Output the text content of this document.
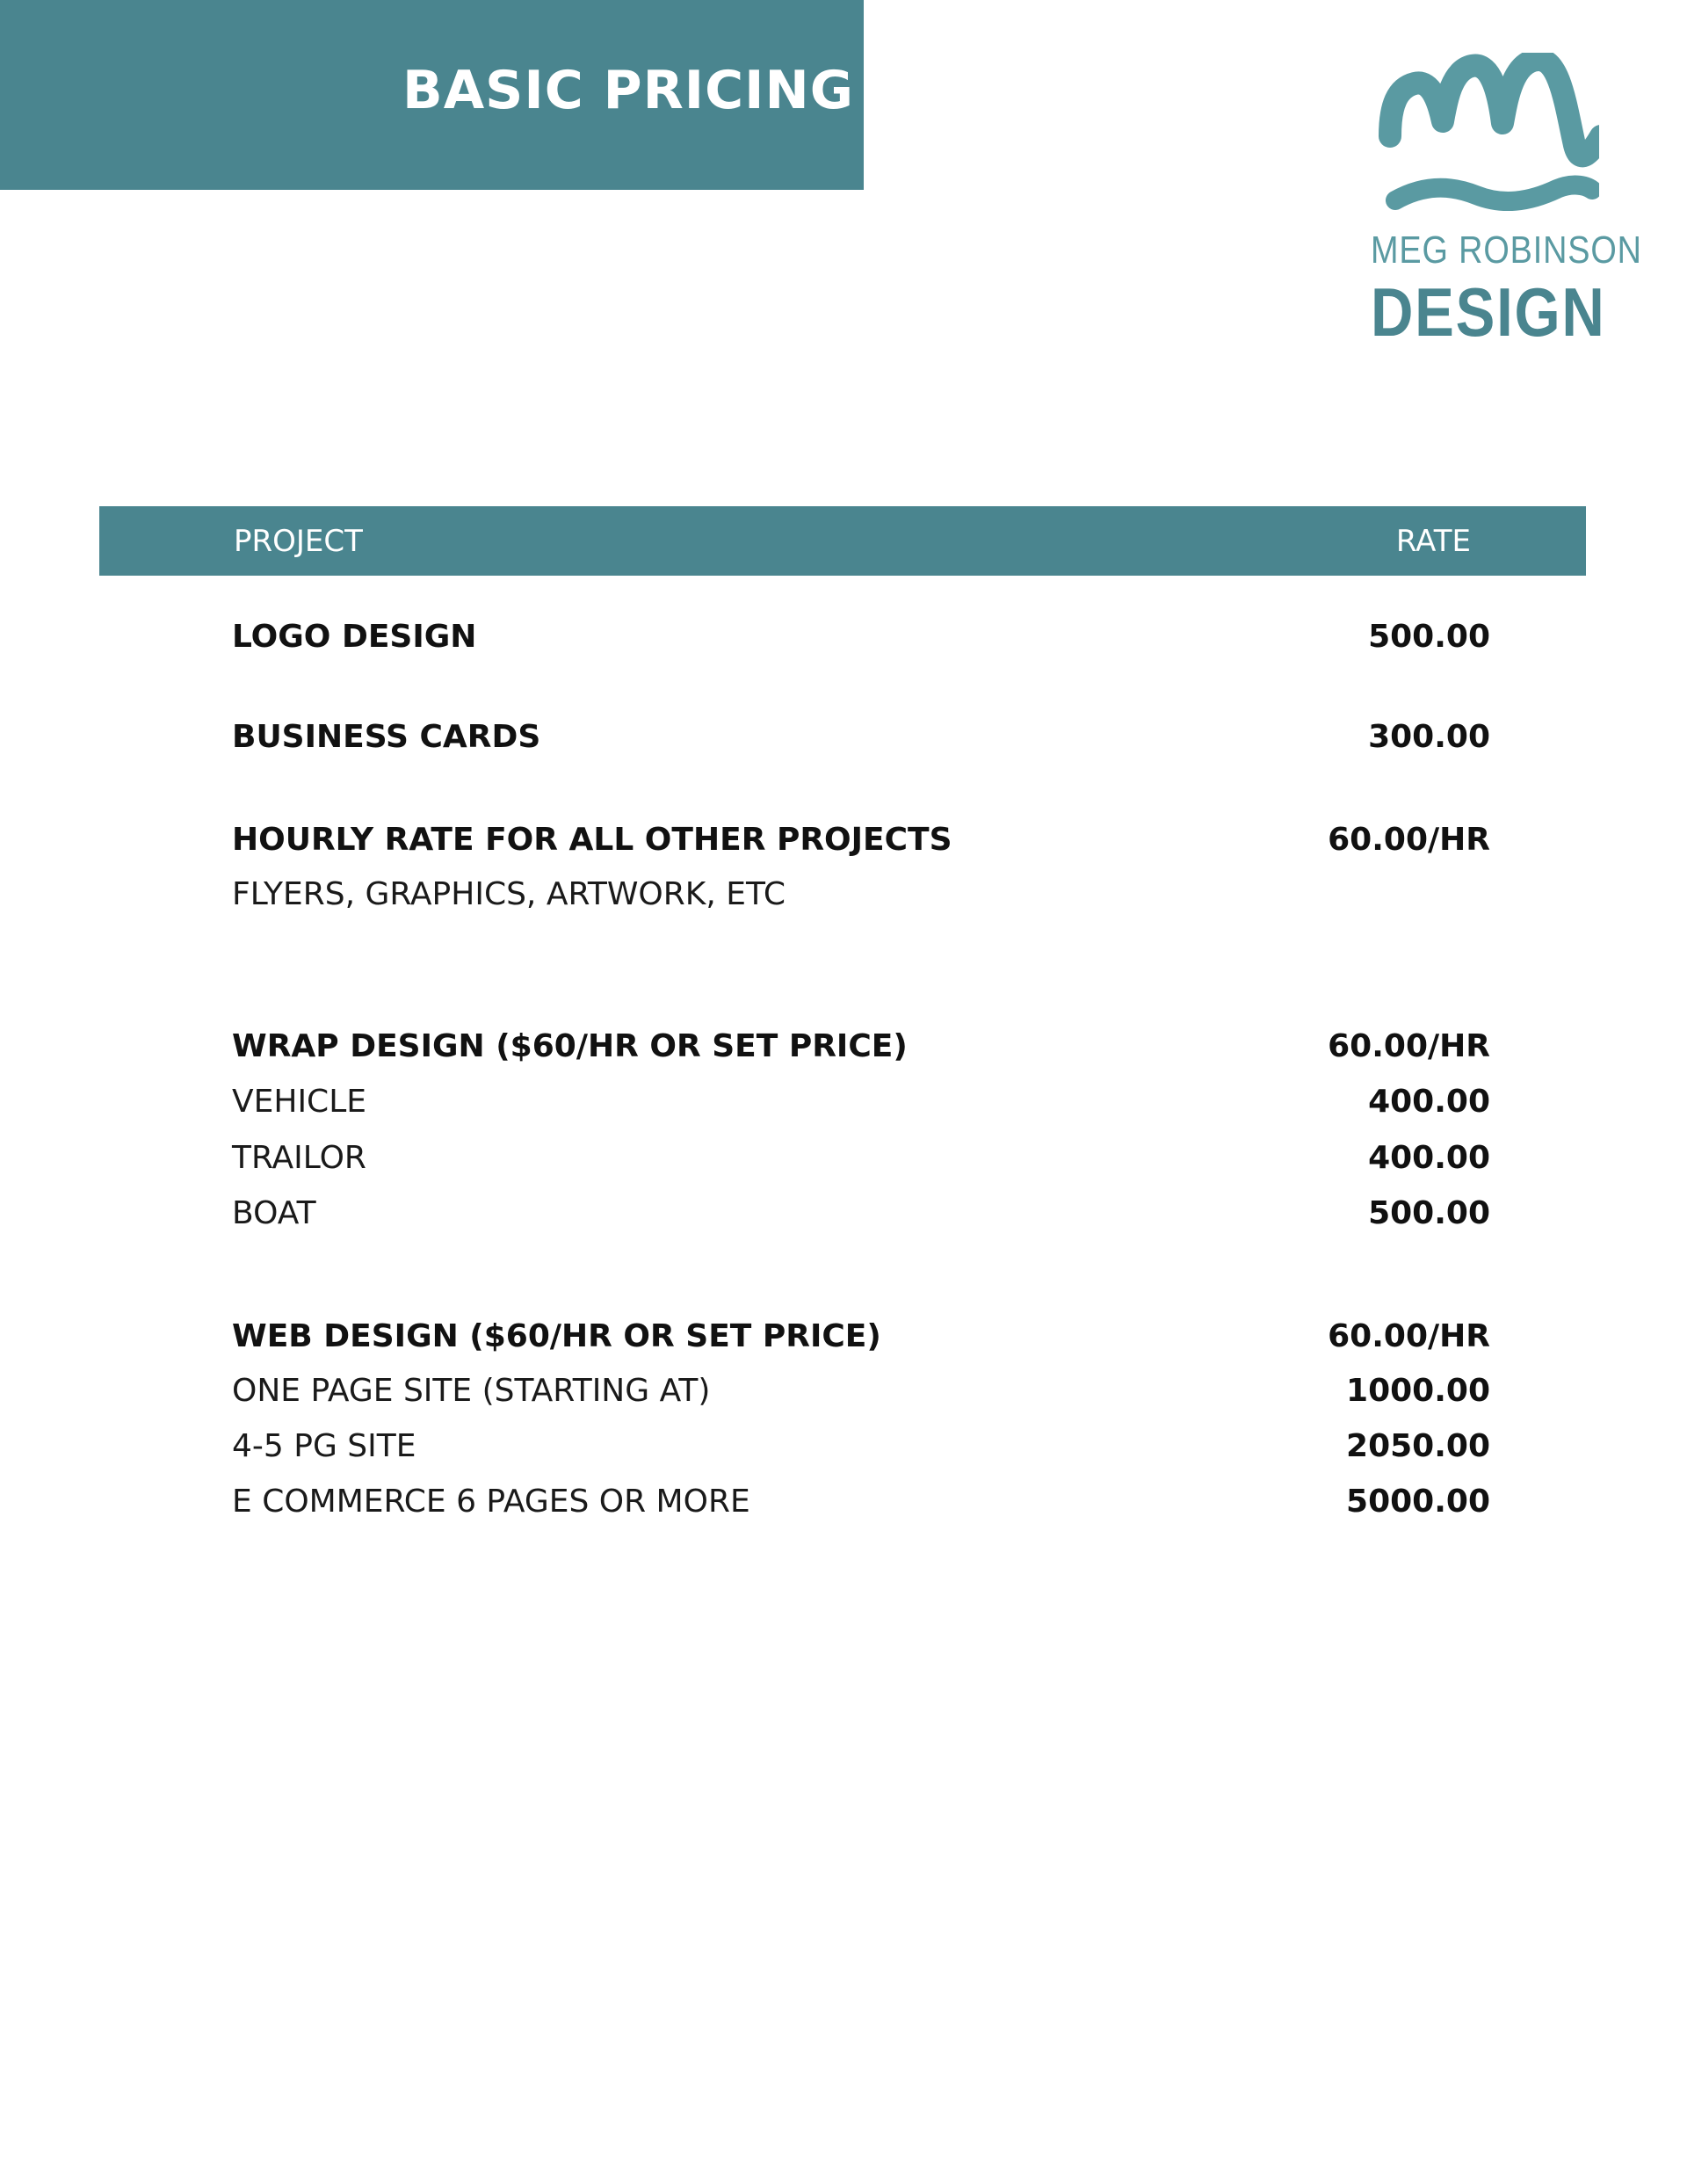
BASIC PRICING
MEG ROBINSON
DESIGN
PROJECT	RATE
LOGO DESIGN	500.00
BUSINESS CARDS	300.00
HOURLY RATE FOR ALL OTHER PROJECTS	60.00/HR
FLYERS, GRAPHICS, ARTWORK, ETC
WRAP DESIGN ($60/HR OR SET PRICE)	60.00/HR
VEHICLE	400.00
TRAILOR	400.00
BOAT	500.00
WEB DESIGN ($60/HR OR SET PRICE)	60.00/HR
ONE PAGE SITE (STARTING AT)	1000.00
4-5 PG SITE	2050.00
E COMMERCE 6 PAGES OR MORE	5000.00
